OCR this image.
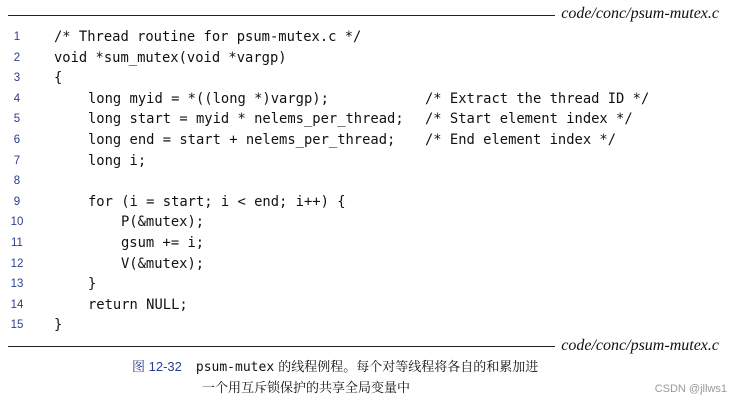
code/conc/psum-mutex.c
1	/* Thread routine for psum-mutex.c */
2	void *sum_mutex(void *vargp)
3	{
4	long myid = *((long *)vargp);	/* Extract the thread ID */
5	long start = myid * nelems_per_thread; /* Start element index */
6	long end = start + nelems_per_thread; /* End element index */
7	long i;
8
9	for (i = start; i < end; i++) {
10	P(&mutex);
11	gsum += i;
12	V(&mutex);
13	}
14	return NULL;
15 }
code/conc/psum-mutex.c
图 12-32 psum-mutex 的线程例程。每个对等线程将各自的和累加进
一个用互斥锁保护的共享全局变量中	CSDN @jllws1
